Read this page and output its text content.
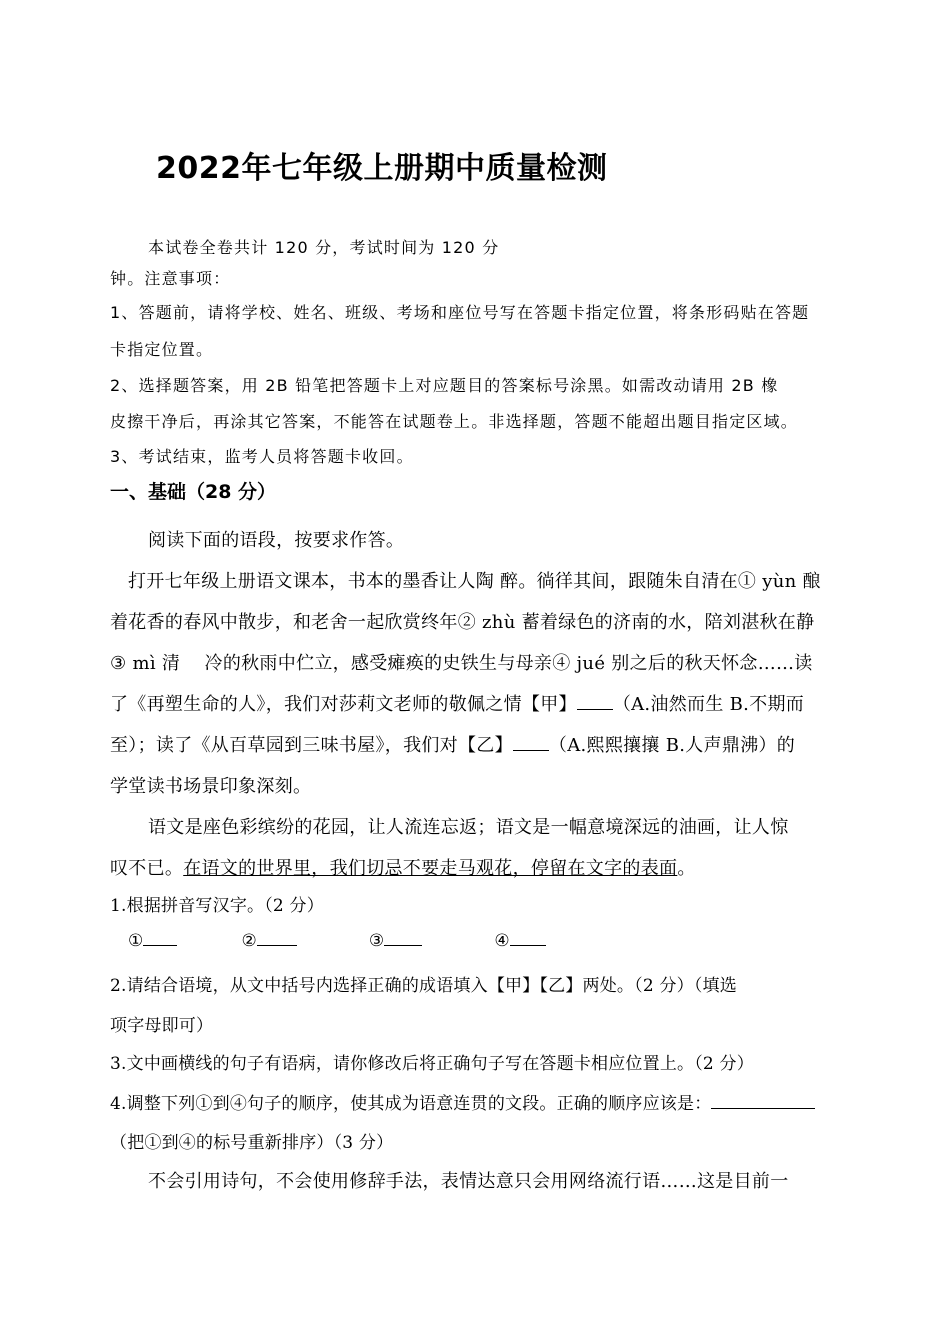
2022年七年级上册期中质量检测
本试卷全卷共计 120 分，考试时间为 120 分
钟。注意事项：
1、答题前，请将学校、姓名、班级、考场和座位号写在答题卡指定位置，将条形码贴在答题
卡指定位置。
2、选择题答案，用 2B 铅笔把答题卡上对应题目的答案标号涂黑。如需改动请用 2B 橡
皮擦干净后，再涂其它答案，不能答在试题卷上。非选择题，答题不能超出题目指定区域。
3、考试结束，监考人员将答题卡收回。
一、基础（28 分）
阅读下面的语段，按要求作答。
打开七年级上册语文课本，书本的墨香让人陶 醉。徜徉其间，跟随朱自清在① yùn 酿
着花香的春风中散步，和老舍一起欣赏终年② zhù 蓄着绿色的济南的水，陪刘湛秋在静
③ mì 清　 冷的秋雨中伫立，感受瘫痪的史铁生与母亲④ jué 别之后的秋天怀念……读
了《再塑生命的人》，我们对莎莉文老师的敬佩之情【甲】 （A.油然而生 B.不期而
至）；读了《从百草园到三味书屋》，我们对【乙】 （A.熙熙攘攘 B.人声鼎沸）的
学堂读书场景印象深刻。
语文是座色彩缤纷的花园，让人流连忘返；语文是一幅意境深远的油画，让人惊
叹不已。在语文的世界里，我们切忌不要走马观花，停留在文字的表面。
1.根据拼音写汉字。（2 分）
①	②	③	④
2.请结合语境，从文中括号内选择正确的成语填入【甲】【乙】两处。（2 分）（填选
项字母即可）
3.文中画横线的句子有语病，请你修改后将正确句子写在答题卡相应位置上。（2 分）
4.调整下列①到④句子的顺序，使其成为语意连贯的文段。正确的顺序应该是：
（把①到④的标号重新排序）（3 分）
不会引用诗句，不会使用修辞手法，表情达意只会用网络流行语……这是目前一
